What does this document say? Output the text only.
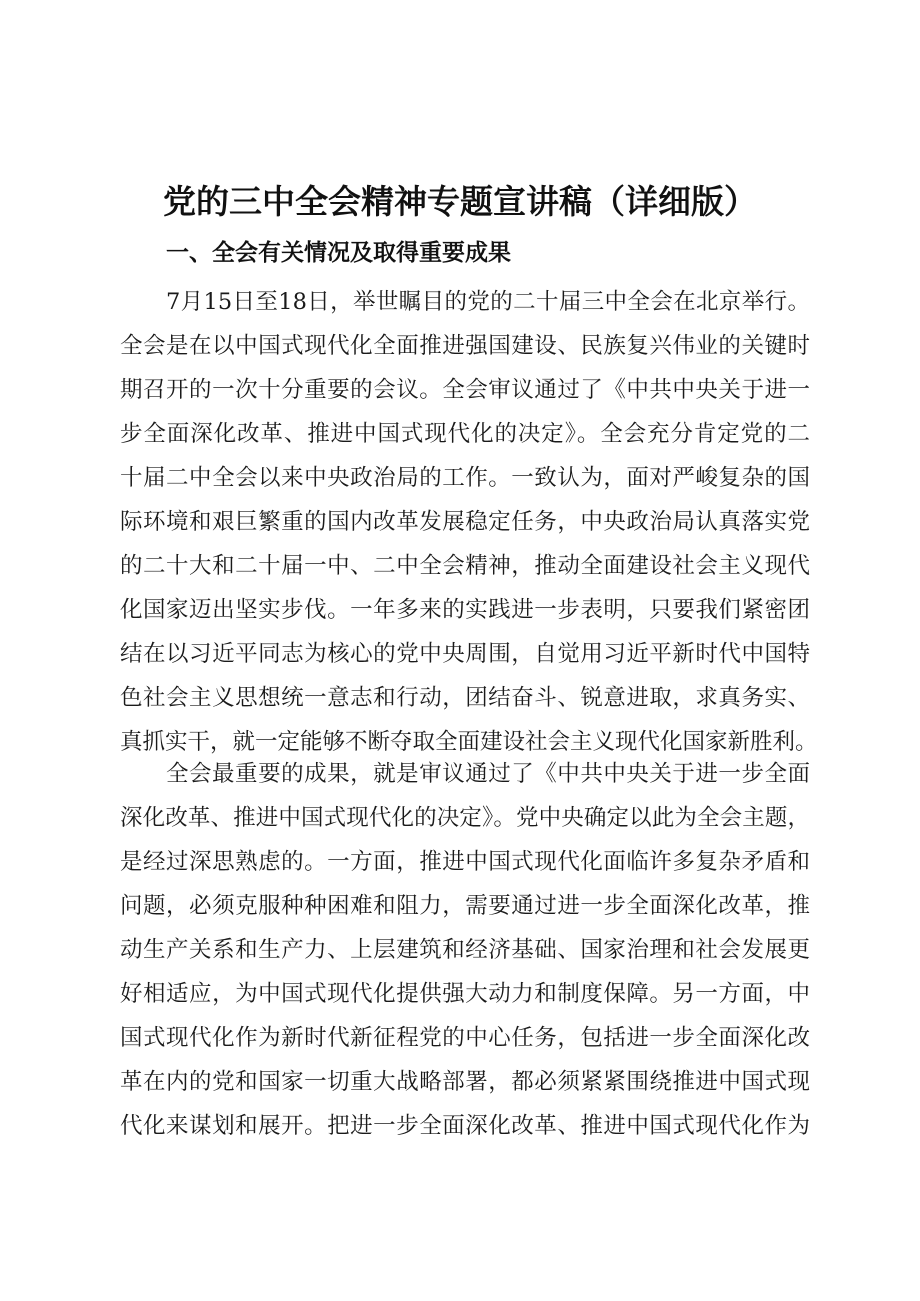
党的三中全会精神专题宣讲稿（详细版）
一、全会有关情况及取得重要成果
7月15日至18日，举世瞩目的党的二十届三中全会在北京举行。
全会是在以中国式现代化全面推进强国建设、民族复兴伟业的关键时
期召开的一次十分重要的会议。全会审议通过了《中共中央关于进一
步全面深化改革、推进中国式现代化的决定》。全会充分肯定党的二
十届二中全会以来中央政治局的工作。一致认为，面对严峻复杂的国
际环境和艰巨繁重的国内改革发展稳定任务，中央政治局认真落实党
的二十大和二十届一中、二中全会精神，推动全面建设社会主义现代
化国家迈出坚实步伐。一年多来的实践进一步表明，只要我们紧密团
结在以习近平同志为核心的党中央周围，自觉用习近平新时代中国特
色社会主义思想统一意志和行动，团结奋斗、锐意进取，求真务实、
真抓实干，就一定能够不断夺取全面建设社会主义现代化国家新胜利。
全会最重要的成果，就是审议通过了《中共中央关于进一步全面
深化改革、推进中国式现代化的决定》。党中央确定以此为全会主题，
是经过深思熟虑的。一方面，推进中国式现代化面临许多复杂矛盾和
问题，必须克服种种困难和阻力，需要通过进一步全面深化改革，推
动生产关系和生产力、上层建筑和经济基础、国家治理和社会发展更
好相适应，为中国式现代化提供强大动力和制度保障。另一方面，中
国式现代化作为新时代新征程党的中心任务，包括进一步全面深化改
革在内的党和国家一切重大战略部署，都必须紧紧围绕推进中国式现
代化来谋划和展开。把进一步全面深化改革、推进中国式现代化作为
